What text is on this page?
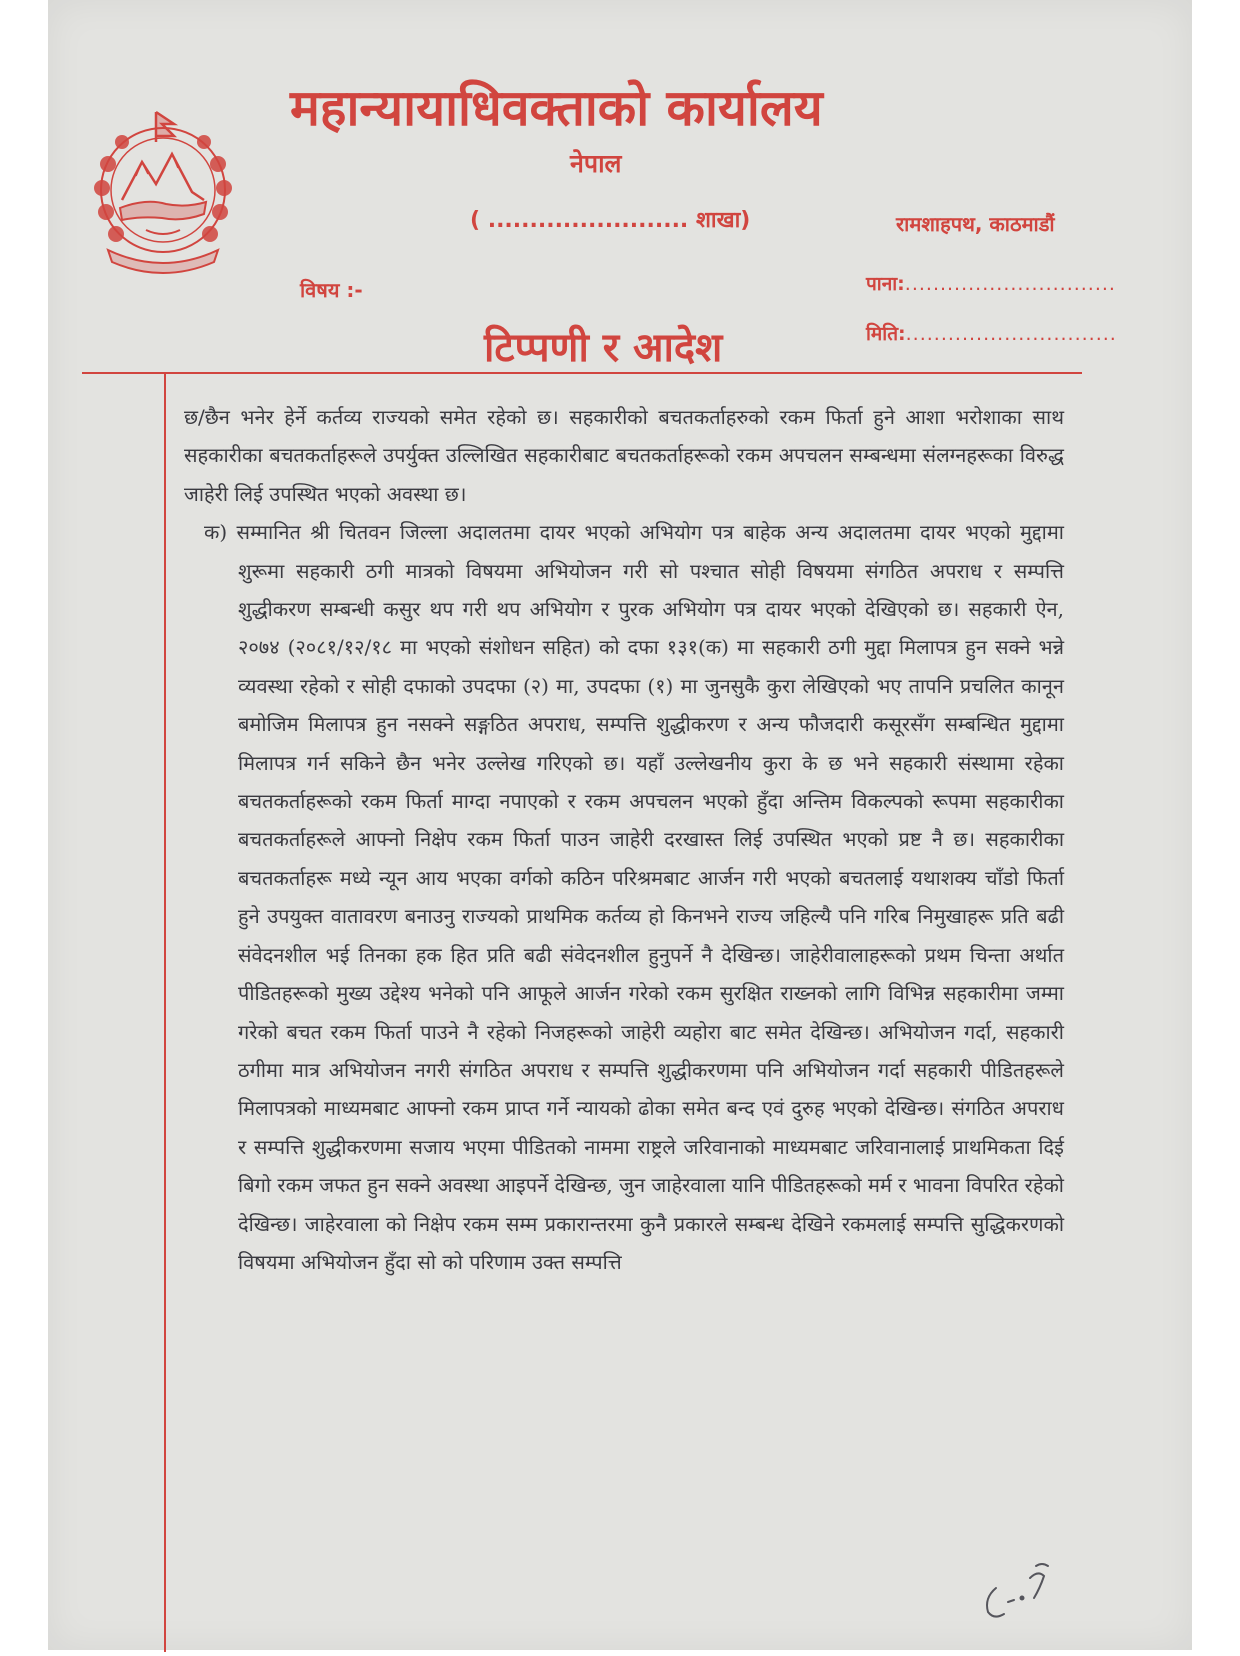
महान्यायाधिवक्ताको कार्यालय
नेपाल
( ........................ शाखा)	रामशाहपथ, काठमाडौं
विषय :-	पाना:..............................
मिति:..............................
टिप्पणी र आदेश

छ/छैन भनेर हेर्ने कर्तव्य राज्यको समेत रहेको छ। सहकारीको बचतकर्ताहरुको रकम फिर्ता हुने आशा भरोशाका साथ सहकारीका बचतकर्ताहरूले उपर्युक्त उल्लिखित सहकारीबाट बचतकर्ताहरूको रकम अपचलन सम्बन्धमा संलग्नहरूका विरुद्ध जाहेरी लिई उपस्थित भएको अवस्था छ।

क) सम्मानित श्री चितवन जिल्ला अदालतमा दायर भएको अभियोग पत्र बाहेक अन्य अदालतमा दायर भएको मुद्दामा शुरूमा सहकारी ठगी मात्रको विषयमा अभियोजन गरी सो पश्चात सोही विषयमा संगठित अपराध र सम्पत्ति शुद्धीकरण सम्बन्धी कसुर थप गरी थप अभियोग र पुरक अभियोग पत्र दायर भएको देखिएको छ। सहकारी ऐन, २०७४ (२०८१/१२/१८ मा भएको संशोधन सहित) को दफा १३१(क) मा सहकारी ठगी मुद्दा मिलापत्र हुन सक्ने भन्ने व्यवस्था रहेको र सोही दफाको उपदफा (२) मा, उपदफा (१) मा जुनसुकै कुरा लेखिएको भए तापनि प्रचलित कानून बमोजिम मिलापत्र हुन नसक्ने सङ्गठित अपराध, सम्पत्ति शुद्धीकरण र अन्य फौजदारी कसूरसँग सम्बन्धित मुद्दामा मिलापत्र गर्न सकिने छैन भनेर उल्लेख गरिएको छ। यहाँ उल्लेखनीय कुरा के छ भने सहकारी संस्थामा रहेका बचतकर्ताहरूको रकम फिर्ता माग्दा नपाएको र रकम अपचलन भएको हुँदा अन्तिम विकल्पको रूपमा सहकारीका बचतकर्ताहरूले आफ्नो निक्षेप रकम फिर्ता पाउन जाहेरी दरखास्त लिई उपस्थित भएको प्रष्ट नै छ। सहकारीका बचतकर्ताहरू मध्ये न्यून आय भएका वर्गको कठिन परिश्रमबाट आर्जन गरी भएको बचतलाई यथाशक्य चाँडो फिर्ता हुने उपयुक्त वातावरण बनाउनु राज्यको प्राथमिक कर्तव्य हो किनभने राज्य जहिल्यै पनि गरिब निमुखाहरू प्रति बढी संवेदनशील भई तिनका हक हित प्रति बढी संवेदनशील हुनुपर्ने नै देखिन्छ। जाहेरीवालाहरूको प्रथम चिन्ता अर्थात पीडितहरूको मुख्य उद्देश्य भनेको पनि आफूले आर्जन गरेको रकम सुरक्षित राख्नको लागि विभिन्न सहकारीमा जम्मा गरेको बचत रकम फिर्ता पाउने नै रहेको निजहरूको जाहेरी व्यहोरा बाट समेत देखिन्छ। अभियोजन गर्दा, सहकारी ठगीमा मात्र अभियोजन नगरी संगठित अपराध र सम्पत्ति शुद्धीकरणमा पनि अभियोजन गर्दा सहकारी पीडितहरूले मिलापत्रको माध्यमबाट आफ्नो रकम प्राप्त गर्ने न्यायको ढोका समेत बन्द एवं दुरुह भएको देखिन्छ। संगठित अपराध र सम्पत्ति शुद्धीकरणमा सजाय भएमा पीडितको नाममा राष्ट्रले जरिवानाको माध्यमबाट जरिवानालाई प्राथमिकता दिई बिगो रकम जफत हुन सक्ने अवस्था आइपर्ने देखिन्छ, जुन जाहेरवाला यानि पीडितहरूको मर्म र भावना विपरित रहेको देखिन्छ। जाहेरवाला को निक्षेप रकम सम्म प्रकारान्तरमा कुनै प्रकारले सम्बन्ध देखिने रकमलाई सम्पत्ति सुद्धिकरणको विषयमा अभियोजन हुँदा सो को परिणाम उक्त सम्पत्ति
